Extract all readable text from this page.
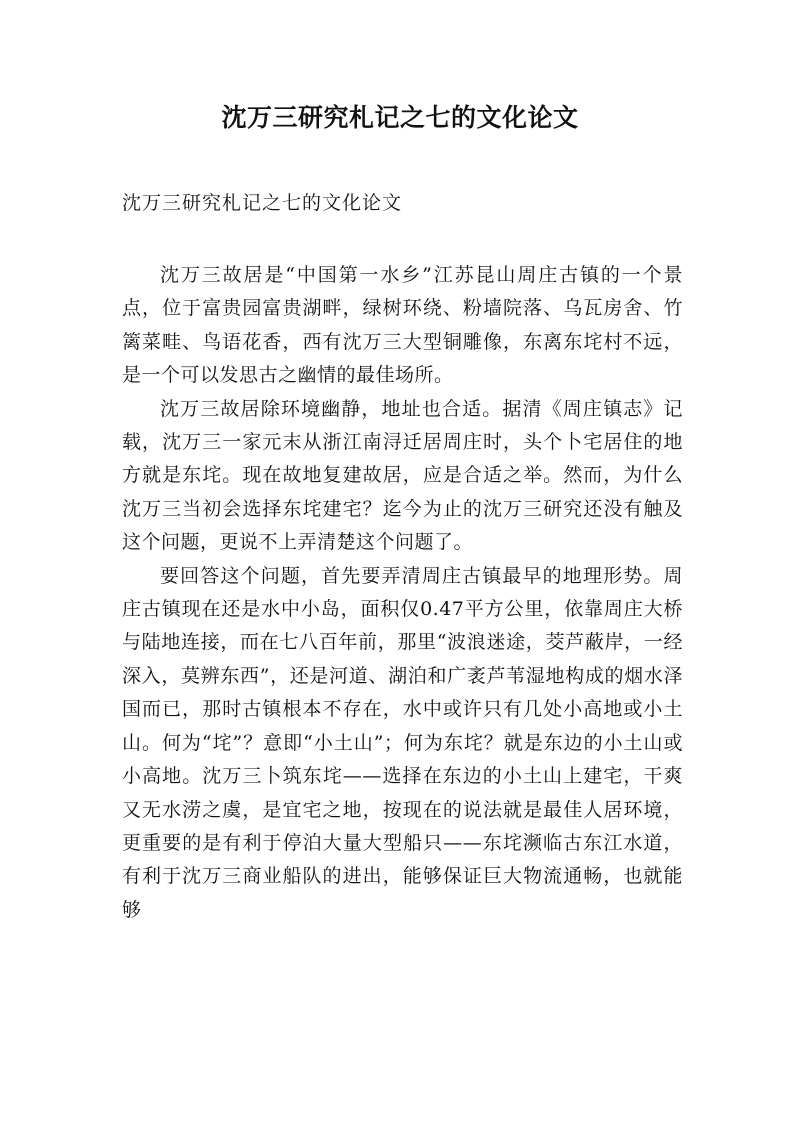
沈万三研究札记之七的文化论文
沈万三研究札记之七的文化论文

沈万三故居是“中国第一水乡”江苏昆山周庄古镇的一个景点，位于富贵园富贵湖畔，绿树环绕、粉墙院落、乌瓦房舍、竹篱菜畦、鸟语花香，西有沈万三大型铜雕像，东离东垞村不远，是一个可以发思古之幽情的最佳场所。

沈万三故居除环境幽静，地址也合适。据清《周庄镇志》记载，沈万三一家元末从浙江南浔迁居周庄时，头个卜宅居住的地方就是东垞。现在故地复建故居，应是合适之举。然而，为什么沈万三当初会选择东垞建宅？迄今为止的沈万三研究还没有触及这个问题，更说不上弄清楚这个问题了。

要回答这个问题，首先要弄清周庄古镇最早的地理形势。周庄古镇现在还是水中小岛，面积仅0.47平方公里，依靠周庄大桥与陆地连接，而在七八百年前，那里“波浪迷途，茭芦蔽岸，一经深入，莫辨东西”，还是河道、湖泊和广袤芦苇湿地构成的烟水泽国而已，那时古镇根本不存在，水中或许只有几处小高地或小土山。何为“垞”？意即“小土山”；何为东垞？就是东边的小土山或小高地。沈万三卜筑东垞——选择在东边的小土山上建宅，干爽又无水涝之虞，是宜宅之地，按现在的说法就是最佳人居环境，更重要的是有利于停泊大量大型船只——东垞濒临古东江水道，有利于沈万三商业船队的进出，能够保证巨大物流通畅，也就能够
